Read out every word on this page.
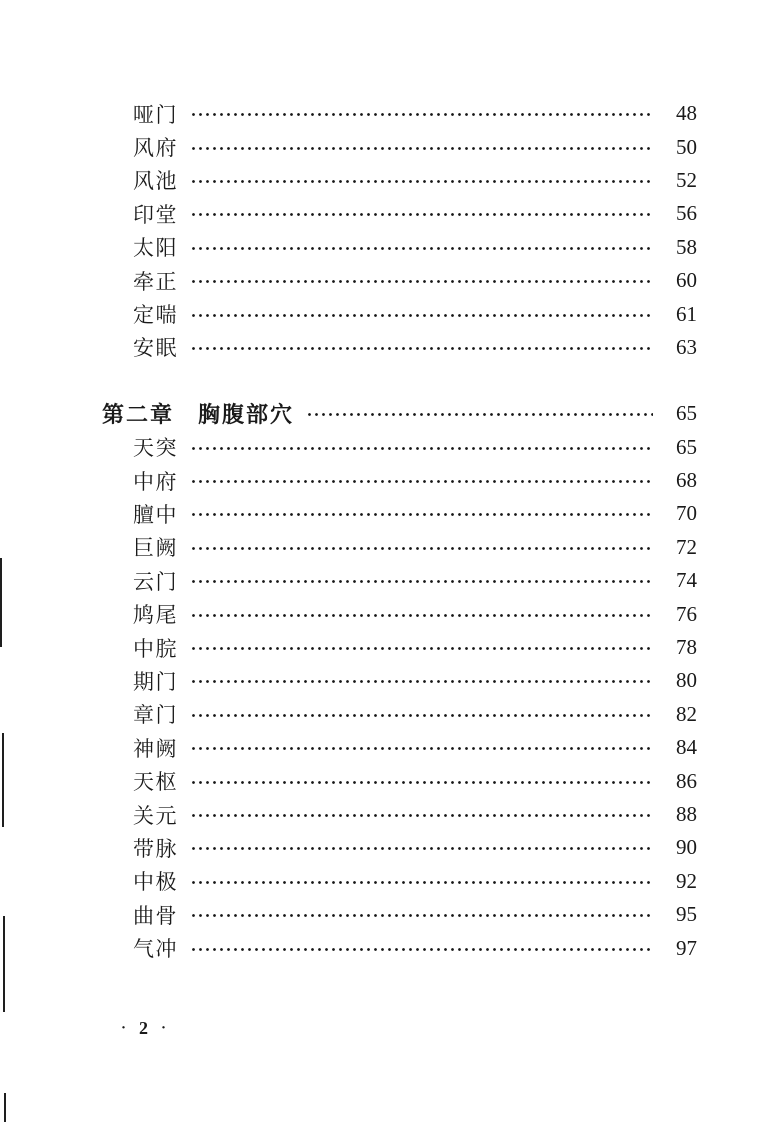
哑门	48
风府	50
风池	52
印堂	56
太阳	58
牵正	60
定喘	61
安眠	63
第二章　胸腹部穴	65
天突	65
中府	68
膻中	70
巨阙	72
云门	74
鸠尾	76
中脘	78
期门	80
章门	82
神阙	84
天枢	86
关元	88
带脉	90
中极	92
曲骨	95
气冲	97
· 2 ·
